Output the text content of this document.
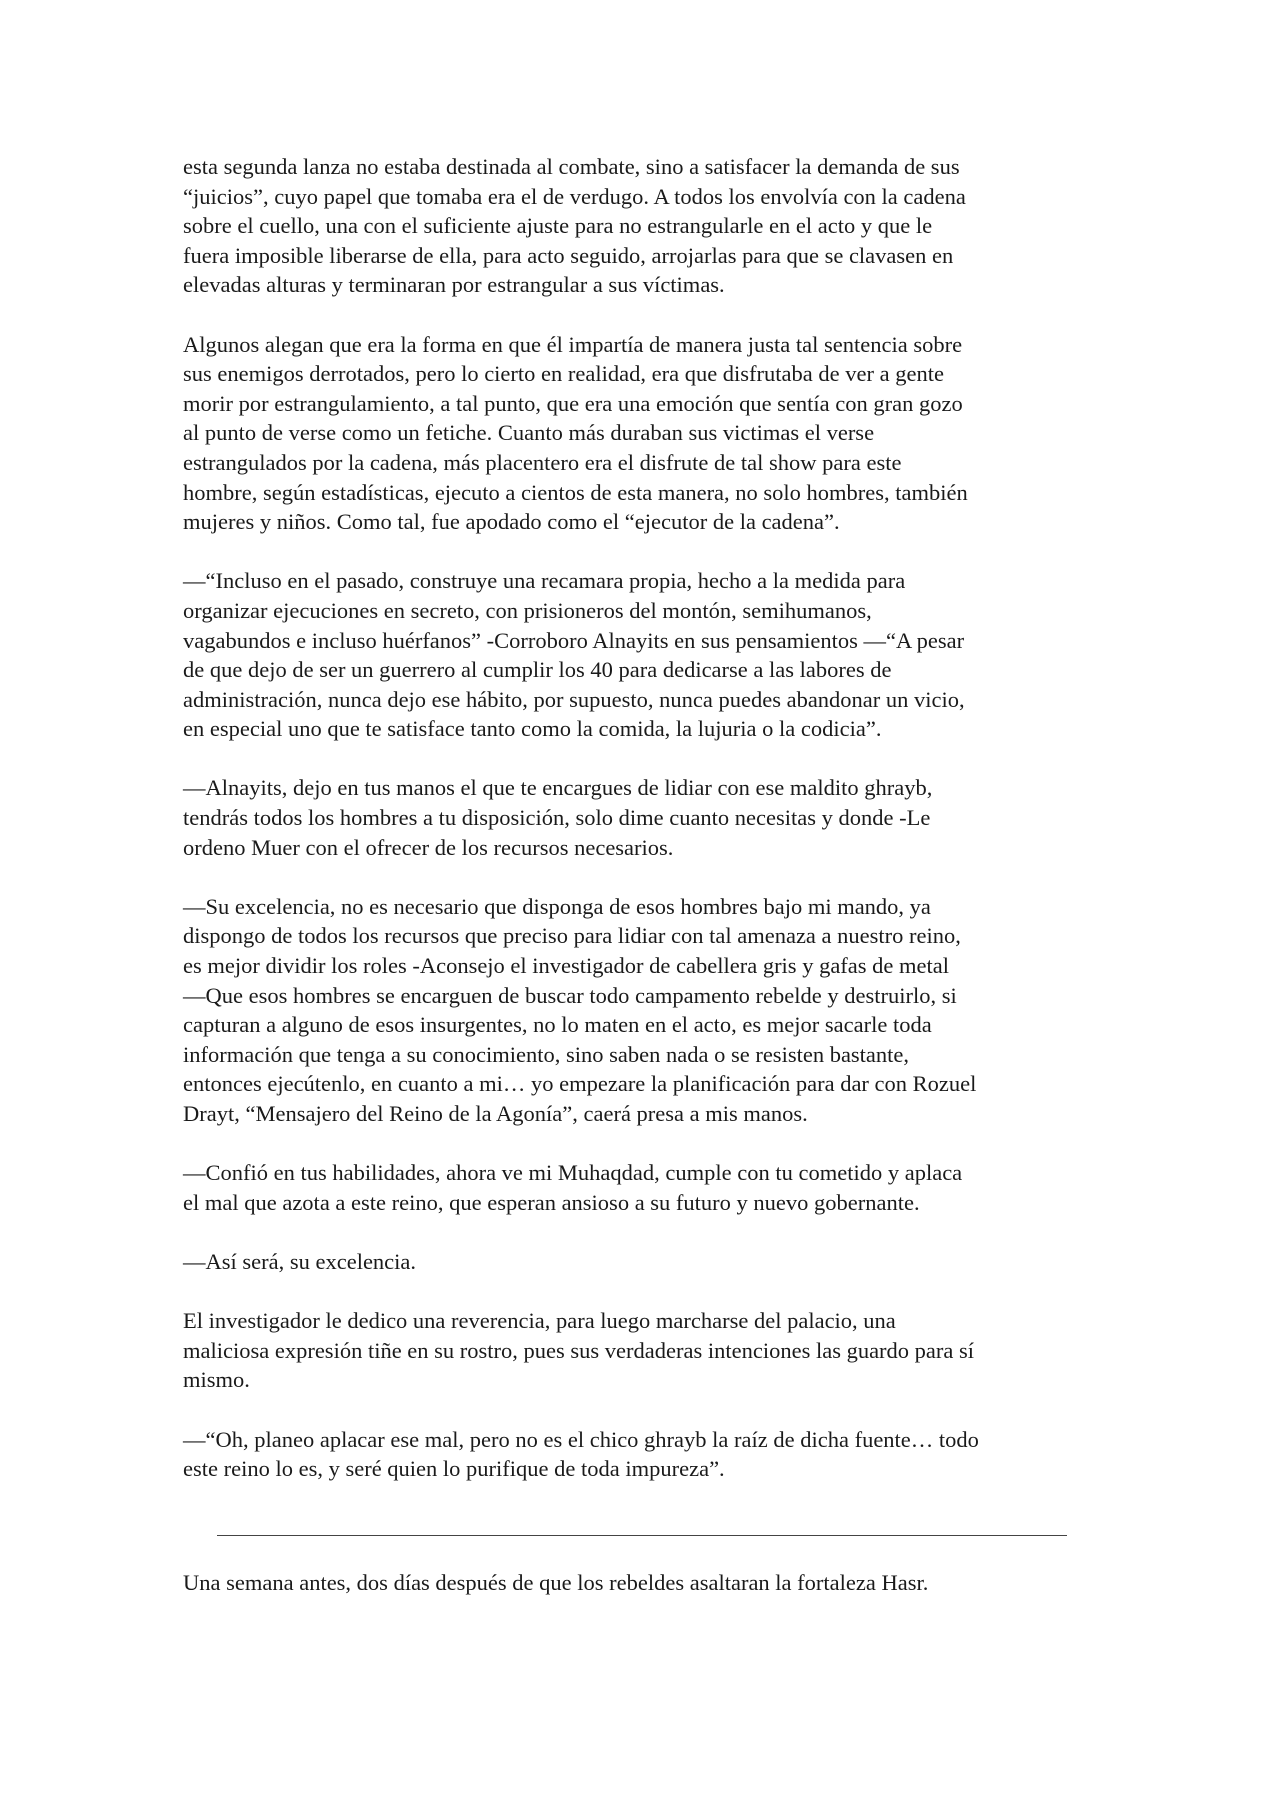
esta segunda lanza no estaba destinada al combate, sino a satisfacer la demanda de sus
“juicios”, cuyo papel que tomaba era el de verdugo. A todos los envolvía con la cadena
sobre el cuello, una con el suficiente ajuste para no estrangularle en el acto y que le
fuera imposible liberarse de ella, para acto seguido, arrojarlas para que se clavasen en
elevadas alturas y terminaran por estrangular a sus víctimas.

Algunos alegan que era la forma en que él impartía de manera justa tal sentencia sobre
sus enemigos derrotados, pero lo cierto en realidad, era que disfrutaba de ver a gente
morir por estrangulamiento, a tal punto, que era una emoción que sentía con gran gozo
al punto de verse como un fetiche. Cuanto más duraban sus victimas el verse
estrangulados por la cadena, más placentero era el disfrute de tal show para este
hombre, según estadísticas, ejecuto a cientos de esta manera, no solo hombres, también
mujeres y niños. Como tal, fue apodado como el “ejecutor de la cadena”.

—“Incluso en el pasado, construye una recamara propia, hecho a la medida para
organizar ejecuciones en secreto, con prisioneros del montón, semihumanos,
vagabundos e incluso huérfanos” -Corroboro Alnayits en sus pensamientos —“A pesar
de que dejo de ser un guerrero al cumplir los 40 para dedicarse a las labores de
administración, nunca dejo ese hábito, por supuesto, nunca puedes abandonar un vicio,
en especial uno que te satisface tanto como la comida, la lujuria o la codicia”.

—Alnayits, dejo en tus manos el que te encargues de lidiar con ese maldito ghrayb,
tendrás todos los hombres a tu disposición, solo dime cuanto necesitas y donde -Le
ordeno Muer con el ofrecer de los recursos necesarios.

—Su excelencia, no es necesario que disponga de esos hombres bajo mi mando, ya
dispongo de todos los recursos que preciso para lidiar con tal amenaza a nuestro reino,
es mejor dividir los roles -Aconsejo el investigador de cabellera gris y gafas de metal
—Que esos hombres se encarguen de buscar todo campamento rebelde y destruirlo, si
capturan a alguno de esos insurgentes, no lo maten en el acto, es mejor sacarle toda
información que tenga a su conocimiento, sino saben nada o se resisten bastante,
entonces ejecútenlo, en cuanto a mi… yo empezare la planificación para dar con Rozuel
Drayt, “Mensajero del Reino de la Agonía”, caerá presa a mis manos.

—Confió en tus habilidades, ahora ve mi Muhaqdad, cumple con tu cometido y aplaca
el mal que azota a este reino, que esperan ansioso a su futuro y nuevo gobernante.

—Así será, su excelencia.

El investigador le dedico una reverencia, para luego marcharse del palacio, una
maliciosa expresión tiñe en su rostro, pues sus verdaderas intenciones las guardo para sí
mismo.

—“Oh, planeo aplacar ese mal, pero no es el chico ghrayb la raíz de dicha fuente… todo
este reino lo es, y seré quien lo purifique de toda impureza”.

Una semana antes, dos días después de que los rebeldes asaltaran la fortaleza Hasr.
